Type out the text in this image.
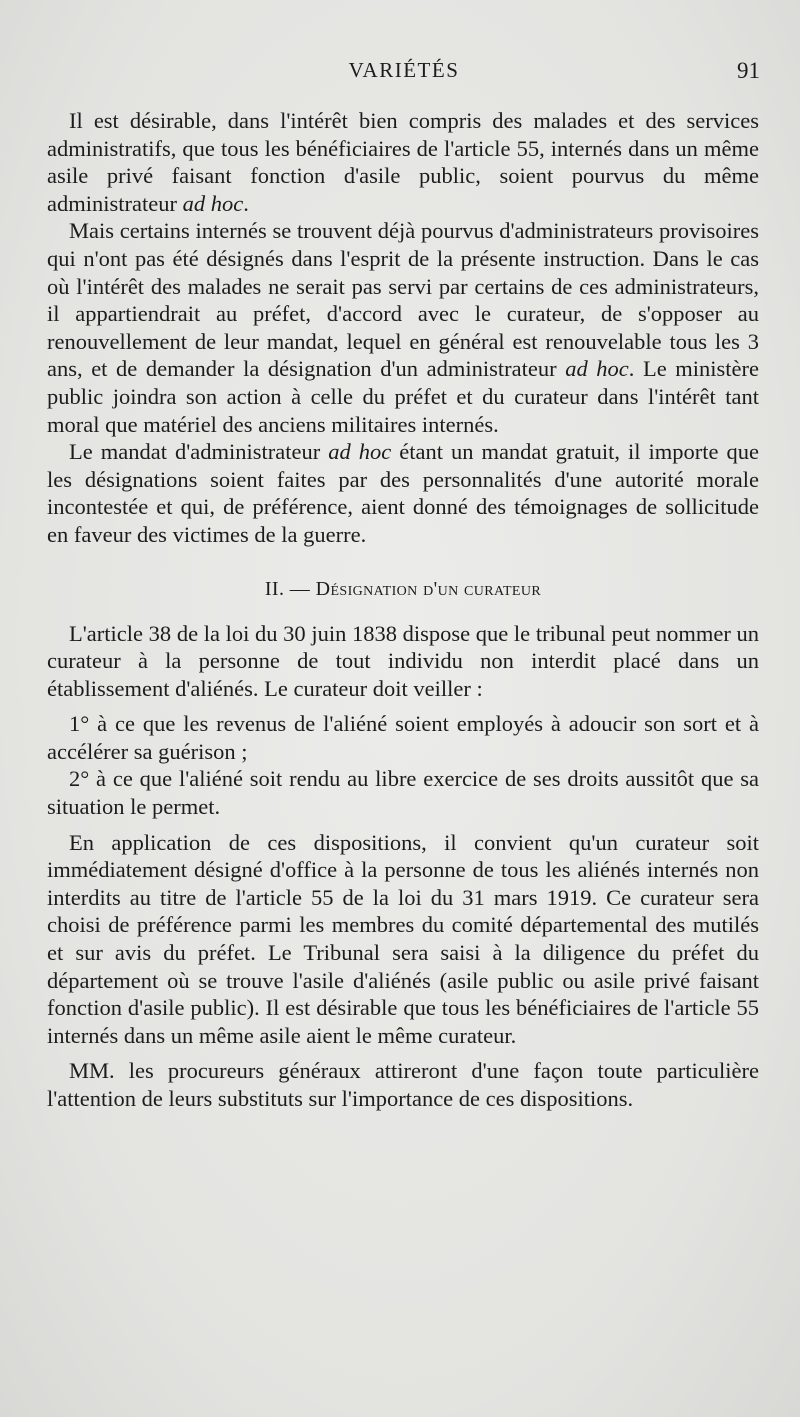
VARIÉTÉS	91

Il est désirable, dans l'intérêt bien compris des malades et des services administratifs, que tous les bénéficiaires de l'article 55, internés dans un même asile privé faisant fonction d'asile public, soient pourvus du même administrateur ad hoc.

Mais certains internés se trouvent déjà pourvus d'administrateurs provisoires qui n'ont pas été désignés dans l'esprit de la présente instruction. Dans le cas où l'intérêt des malades ne serait pas servi par certains de ces administrateurs, il appartiendrait au préfet, d'accord avec le curateur, de s'opposer au renouvellement de leur mandat, lequel en général est renouvelable tous les 3 ans, et de demander la désignation d'un administrateur ad hoc. Le ministère public joindra son action à celle du préfet et du curateur dans l'intérêt tant moral que matériel des anciens militaires internés.

Le mandat d'administrateur ad hoc étant un mandat gratuit, il importe que les désignations soient faites par des personnalités d'une autorité morale incontestée et qui, de préférence, aient donné des témoignages de sollicitude en faveur des victimes de la guerre.

II. — Désignation d'un curateur

L'article 38 de la loi du 30 juin 1838 dispose que le tribunal peut nommer un curateur à la personne de tout individu non interdit placé dans un établissement d'aliénés. Le curateur doit veiller :

1° à ce que les revenus de l'aliéné soient employés à adoucir son sort et à accélérer sa guérison ;

2° à ce que l'aliéné soit rendu au libre exercice de ses droits aussitôt que sa situation le permet.

En application de ces dispositions, il convient qu'un curateur soit immédiatement désigné d'office à la personne de tous les aliénés internés non interdits au titre de l'article 55 de la loi du 31 mars 1919. Ce curateur sera choisi de préférence parmi les membres du comité départemental des mutilés et sur avis du préfet. Le Tribunal sera saisi à la diligence du préfet du département où se trouve l'asile d'aliénés (asile public ou asile privé faisant fonction d'asile public). Il est désirable que tous les bénéficiaires de l'article 55 internés dans un même asile aient le même curateur.

MM. les procureurs généraux attireront d'une façon toute particulière l'attention de leurs substituts sur l'importance de ces dispositions.
